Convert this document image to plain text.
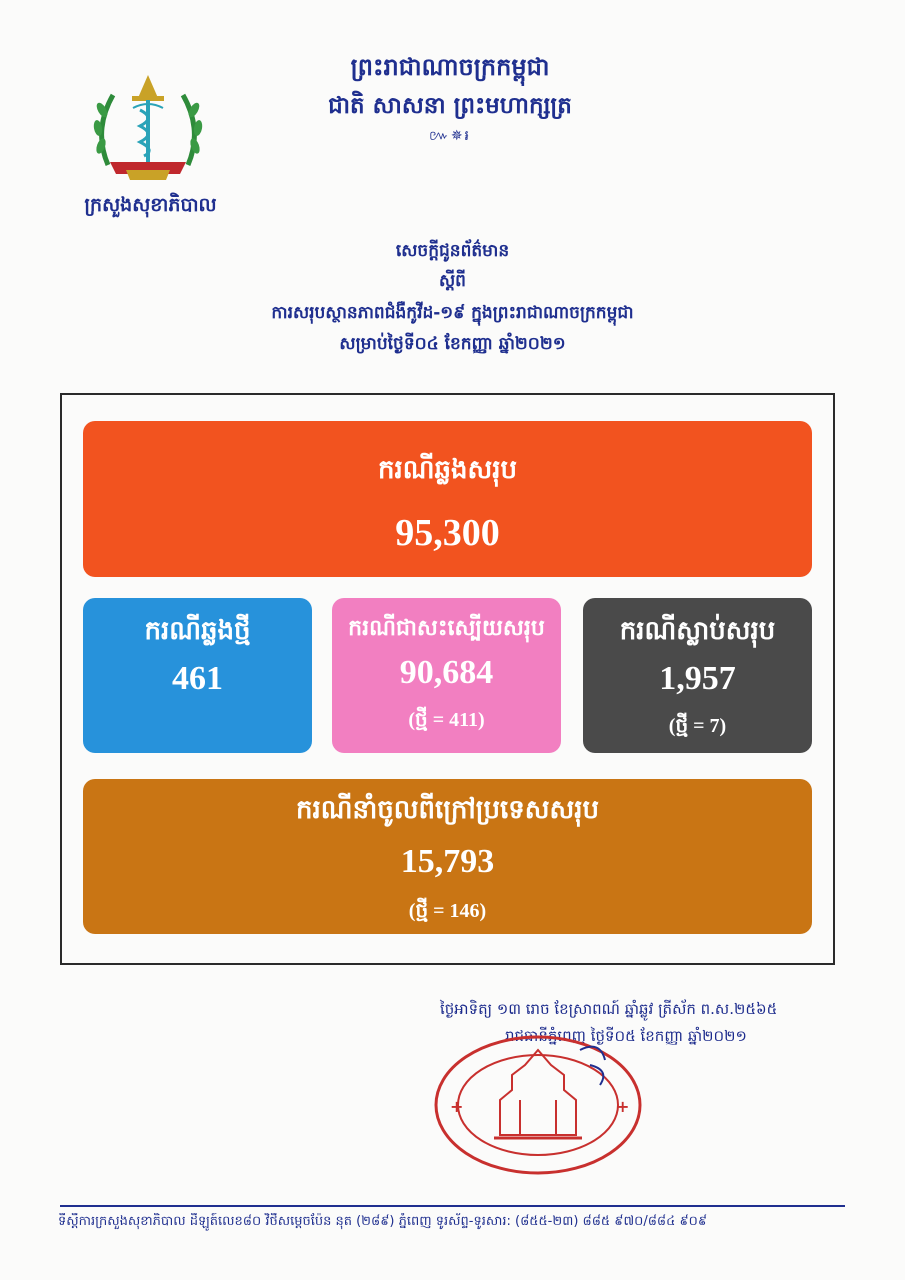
ព្រះរាជាណាចក្រកម្ពុជា
ជាតិ សាសនា ព្រះមហាក្សត្រ
៚✵៛
ក្រសួងសុខាភិបាល
សេចក្តីជូនព័ត៌មាន
ស្តីពី
ការសរុបស្ថានភាពជំងឺកូវីដ-១៩ ក្នុងព្រះរាជាណាចក្រកម្ពុជា
សម្រាប់ថ្ងៃទី០៤ ខែកញ្ញា ឆ្នាំ២០២១
ករណីឆ្លងសរុប
95,300
ករណីឆ្លងថ្មី
461
ករណីជាសះស្បើយសរុប
90,684
(ថ្មី = 411)
ករណីស្លាប់សរុប
1,957
(ថ្មី = 7)
ករណីនាំចូលពីក្រៅប្រទេសសរុប
15,793
(ថ្មី = 146)
ថ្ងៃអាទិត្យ ១៣ រោច ខែស្រាពណ៍ ឆ្នាំឆ្លូវ ត្រីស័ក ព.ស.២៥៦៥
រាជធានីភ្នំពេញ ថ្ងៃទី០៥ ខែកញ្ញា ឆ្នាំ២០២១
+	+
ទីស្តីការក្រសួងសុខាភិបាល ដីឡូត៍លេខ៨០ វិថីសម្តេចប៉ែន នុត (២៨៩) ភ្នំពេញ ទូរស័ព្ទ-ទូរសារ: (៨៥៥-២៣) ៨៨៥ ៩៧០/៨៨៤ ៩០៩
